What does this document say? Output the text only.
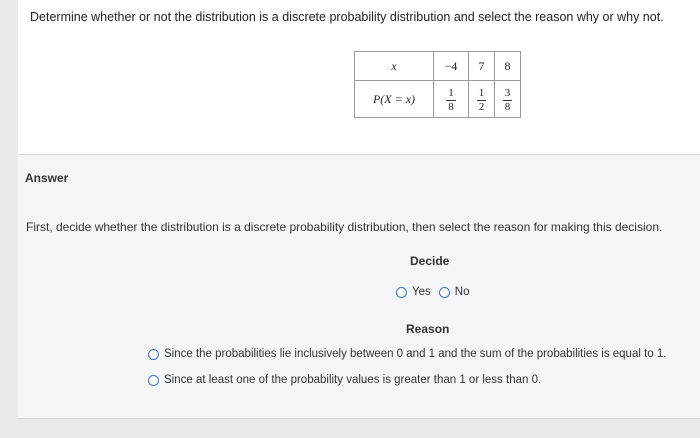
Determine whether or not the distribution is a discrete probability distribution and select the reason why or why not.
x	−4	7	8
P(X = x)	$\frac{1}{8}$	$\frac{1}{2}$	$\frac{3}{8}$
Answer
First, decide whether the distribution is a discrete probability distribution, then select the reason for making this decision.
Decide
Yes No
Reason
Since the probabilities lie inclusively between 0 and 1 and the sum of the probabilities is equal to 1.
Since at least one of the probability values is greater than 1 or less than 0.
